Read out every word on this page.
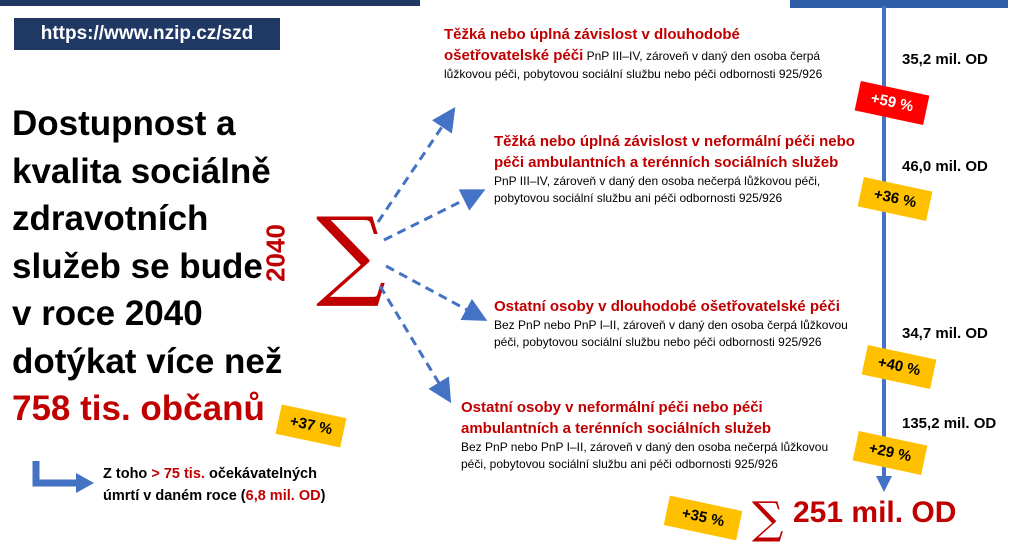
https://www.nzip.cz/szd
Dostupnost a
kvalita sociálně
zdravotních
služeb se bude
v roce 2040
dotýkat více než
758 tis. občanů	+37 %
Z toho > 75 tis. očekávatelných
úmrtí v daném roce (6,8 mil. OD)
2040 ∑
Těžká nebo úplná závislost v dlouhodobé ošetřovatelské péči PnP III–IV, zároveň v daný den osoba čerpá lůžkovou péči, pobytovou sociální službu nebo péči odbornosti 925/926
35,2 mil. OD
+59 %
Těžká nebo úplná závislost v neformální péči nebo péči ambulantních a terénních sociálních služeb PnP III–IV, zároveň v daný den osoba nečerpá lůžkovou péči, pobytovou sociální službu ani péči odbornosti 925/926
46,0 mil. OD
+36 %
Ostatní osoby v dlouhodobé ošetřovatelské péči Bez PnP nebo PnP I–II, zároveň v daný den osoba čerpá lůžkovou péči, pobytovou sociální službu nebo péči odbornosti 925/926	34,7 mil. OD
+40 %
Ostatní osoby v neformální péči nebo péči ambulantních a terénních sociálních služeb
Bez PnP nebo PnP I–II, zároveň v daný den osoba nečerpá lůžkovou péči, pobytovou sociální službu ani péči odbornosti 925/926
135,2 mil. OD
+29 %
+35 % ∑ 251 mil. OD
